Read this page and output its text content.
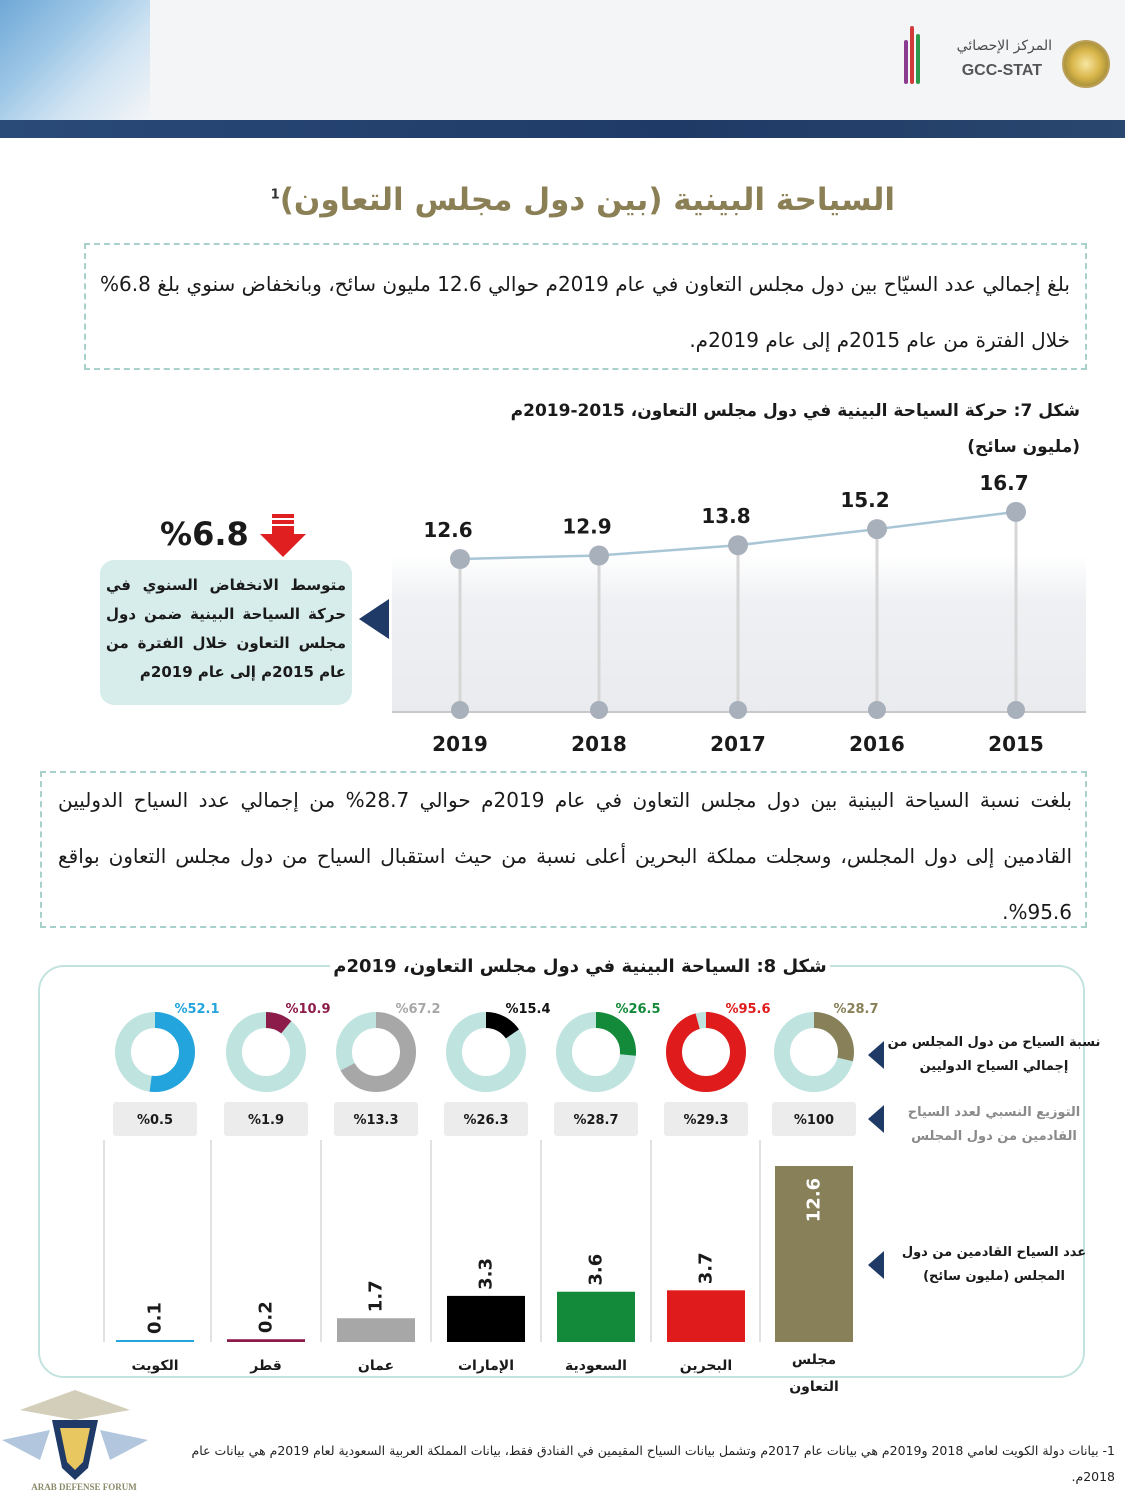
المركز الإحصائي
GCC-STAT
السياحة البينية (بين دول مجلس التعاون)$^1$
بلغ إجمالي عدد السيّاح بين دول مجلس التعاون في عام 2019م حوالي 12.6 مليون سائح، وبانخفاض سنوي بلغ 6.8% خلال الفترة من عام 2015م إلى عام 2019م.
شكل 7: حركة السياحة البينية في دول مجلس التعاون، 2015-2019م
(مليون سائح)
12.6
2019
12.9
2018
13.8
2017
15.2
2016
16.7
2015
متوسط الانخفاض السنوي في حركة السياحة البينية ضمن دول مجلس التعاون خلال الفترة من عام 2015م إلى عام 2019م
%6.8
بلغت نسبة السياحة البينية بين دول مجلس التعاون في عام 2019م حوالي 28.7% من إجمالي عدد السياح الدوليين القادمين إلى دول المجلس، وسجلت مملكة البحرين أعلى نسبة من حيث استقبال السياح من دول مجلس التعاون بواقع 95.6%.
شكل 8: السياحة البينية في دول مجلس التعاون، 2019م
%28.7
%100
12.6
مجلس
التعاون
%95.6
%29.3
3.7
البحرين
%26.5
%28.7
3.6
السعودية
%15.4
%26.3
3.3
الإمارات
%67.2
%13.3
1.7
عمان
%10.9
%1.9
0.2
قطر
%52.1
%0.5
0.1
الكويت
نسبة السياح من دول المجلس من إجمالي السياح الدوليين
التوزيع النسبي لعدد السياح القادمين من دول المجلس
عدد السياح القادمين من دول المجلس (مليون سائح)
1- بيانات دولة الكويت لعامي 2018 و2019م هي بيانات عام 2017م وتشمل بيانات السياح المقيمين في الفنادق فقط، بيانات المملكة العربية السعودية لعام 2019م هي بيانات عام 2018م.
ARAB DEFENSE FORUM
